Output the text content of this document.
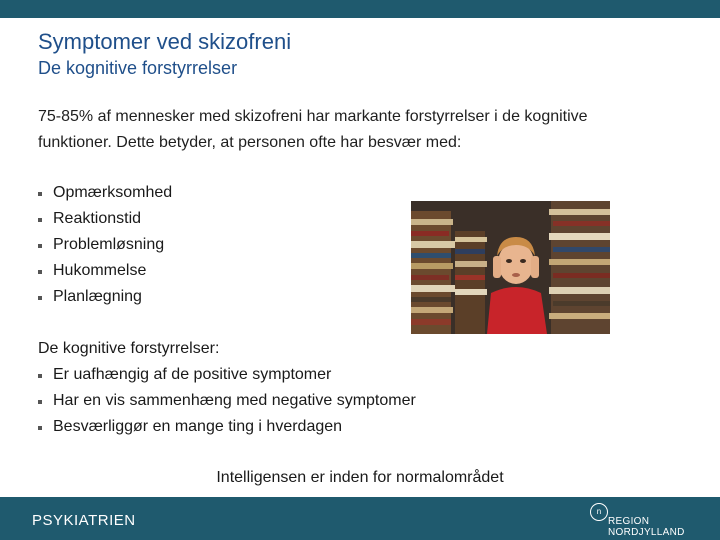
Symptomer ved skizofreni
De kognitive forstyrrelser
75-85% af mennesker med skizofreni har markante forstyrrelser i de kognitive
funktioner. Dette betyder, at personen ofte har besvær med:
Opmærksomhed
Reaktionstid
Problemløsning
Hukommelse
Planlægning
De kognitive forstyrrelser:
Er uafhængig af de positive symptomer
Har en vis sammenhæng med negative symptomer
Besværliggør en mange ting i hverdagen
Intelligensen er inden for normalområdet
PSYKIATRIEN
n
REGION NORDJYLLAND
